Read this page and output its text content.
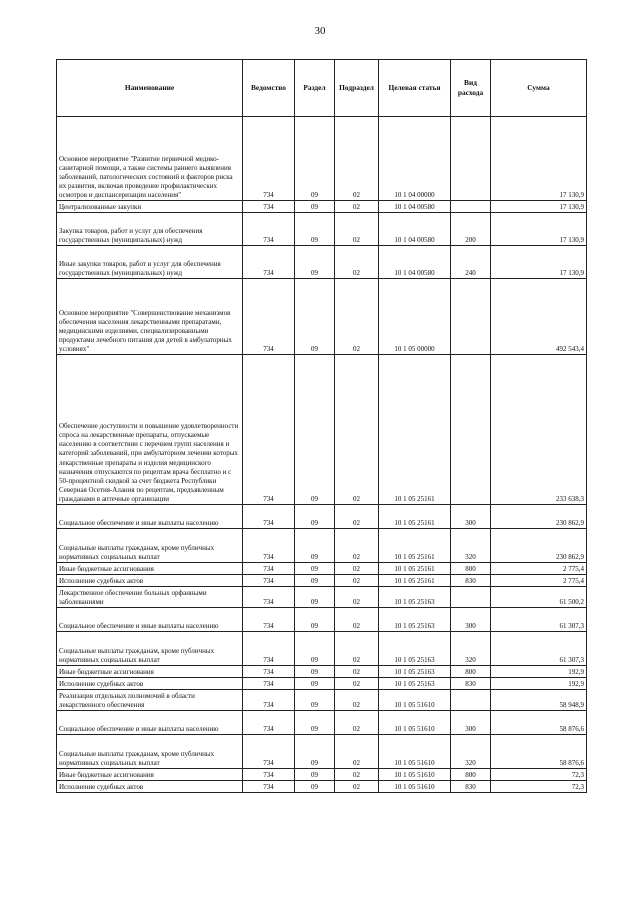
30
Наименование	Ведомство	Раздел	Подраздел	Целевая статья	Вид расхода	Сумма
Основное мероприятие "Развитие первичной медико-санитарной помощи, а также системы раннего выявления заболеваний, патологических состояний и факторов риска их развития, включая проведение профилактических осмотров и диспансеризации населения"	734	09	02	10 1 04 00000		17 130,9
Централизованные закупки	734	09	02	10 1 04 00580		17 130,9
Закупка товаров, работ и услуг для обеспечения государственных (муниципальных) нужд	734	09	02	10 1 04 00580	200	17 130,9
Иные закупки товаров, работ и услуг для обеспечения государственных (муниципальных) нужд	734	09	02	10 1 04 00580	240	17 130,9
Основное мероприятие "Совершенствование механизмов обеспечения населения лекарственными препаратами, медицинскими изделиями, специализированными продуктами лечебного питания для детей в амбулаторных условиях"	734	09	02	10 1 05 00000		492 543,4
Обеспечение доступности и повышение удовлетворенности спроса на лекарственные препараты, отпускаемые населению в соответствии с перечнем групп населения и категорий заболеваний, при амбулаторном лечении которых лекарственные препараты и изделия медицинского назначения отпускаются по рецептам врача бесплатно и с 50-процентной скидкой за счет бюджета Республики Северная Осетия-Алания по рецептам, предъявленным гражданами в аптечные организации	734	09	02	10 1 05 25161		233 638,3
Социальное обеспечение и иные выплаты населению	734	09	02	10 1 05 25161	300	230 862,9
Социальные выплаты гражданам, кроме публичных нормативных социальных выплат	734	09	02	10 1 05 25161	320	230 862,9
Иные бюджетные ассигнования	734	09	02	10 1 05 25161	800	2 775,4
Исполнение судебных актов	734	09	02	10 1 05 25161	830	2 775,4
Лекарственное обеспечение больных орфанными заболеваниями	734	09	02	10 1 05 25163		61 500,2
Социальное обеспечение и иные выплаты населению	734	09	02	10 1 05 25163	300	61 307,3
Социальные выплаты гражданам, кроме публичных нормативных социальных выплат	734	09	02	10 1 05 25163	320	61 307,3
Иные бюджетные ассигнования	734	09	02	10 1 05 25163	800	192,9
Исполнение судебных актов	734	09	02	10 1 05 25163	830	192,9
Реализация отдельных полномочий в области лекарственного обеспечения	734	09	02	10 1 05 51610		58 948,9
Социальное обеспечение и иные выплаты населению	734	09	02	10 1 05 51610	300	58 876,6
Социальные выплаты гражданам, кроме публичных нормативных социальных выплат	734	09	02	10 1 05 51610	320	58 876,6
Иные бюджетные ассигнования	734	09	02	10 1 05 51610	800	72,3
Исполнение судебных актов	734	09	02	10 1 05 51610	830	72,3
